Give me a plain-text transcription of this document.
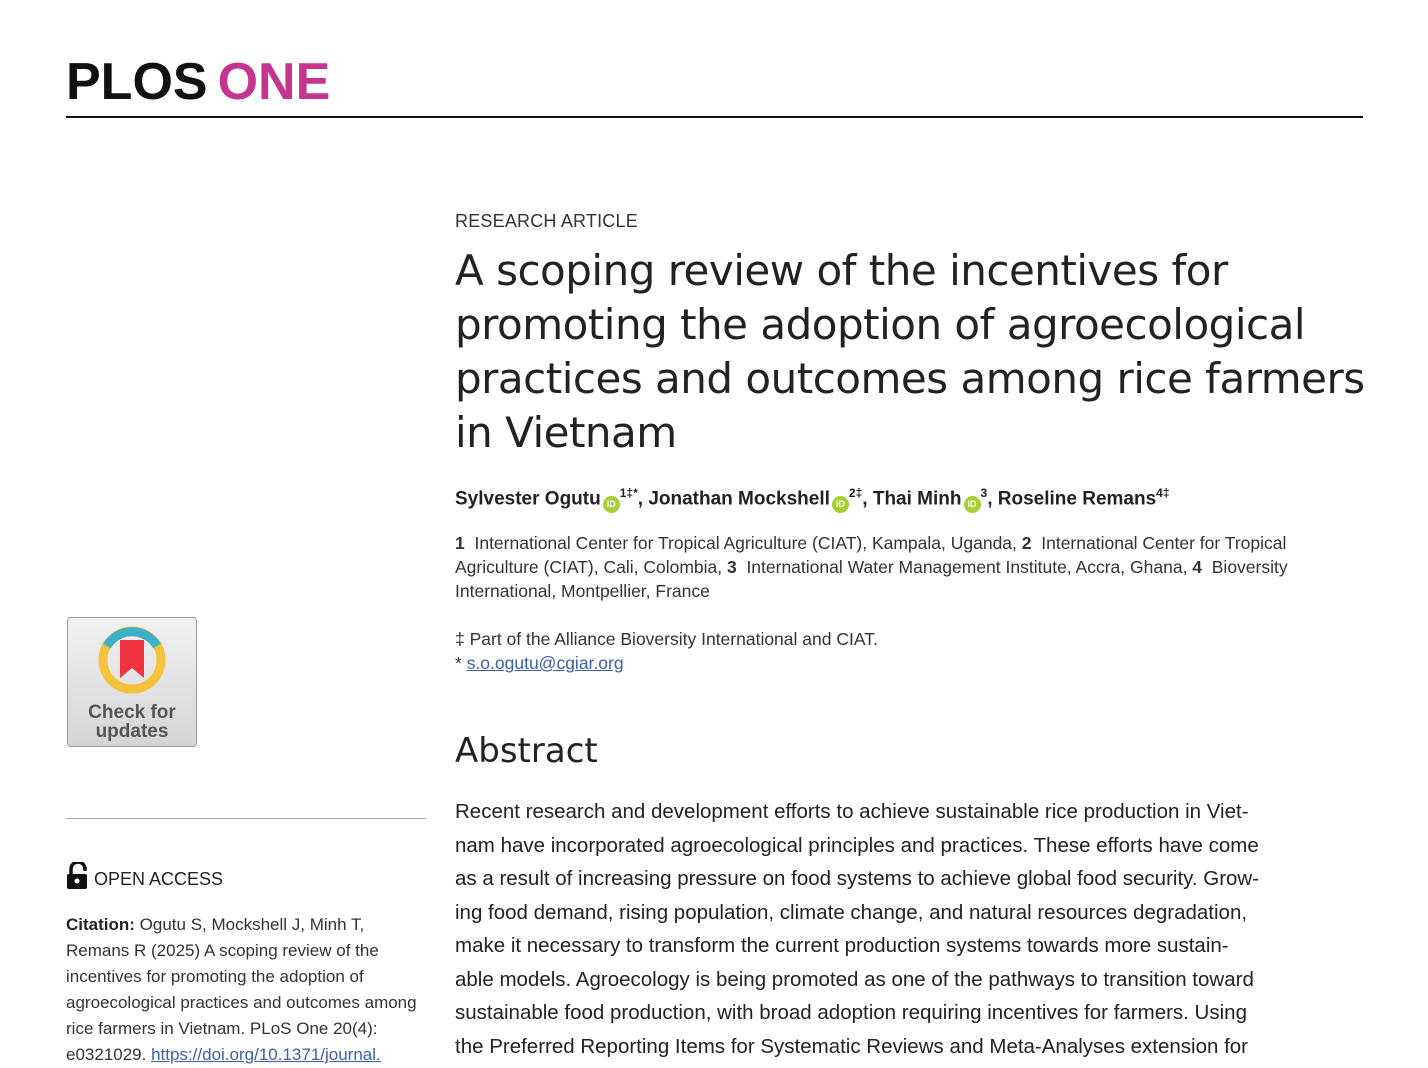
PLOS ONE
Check for
updates
OPEN ACCESS
Citation: Ogutu S, Mockshell J, Minh T,
Remans R (2025) A scoping review of the
incentives for promoting the adoption of
agroecological practices and outcomes among
rice farmers in Vietnam. PLoS One 20(4):
e0321029. https://doi.org/10.1371/journal.
RESEARCH ARTICLE
A scoping review of the incentives for
promoting the adoption of agroecological
practices and outcomes among rice farmers
in Vietnam
Sylvester Ogutu $iD^{1\ddagger*}$, Jonathan Mockshell $iD^{2\ddagger}$, Thai Minh $iD^3$, Roseline Remans$^{4\ddagger}$
1 International Center for Tropical Agriculture (CIAT), Kampala, Uganda, 2  International Center for Tropical
Agriculture (CIAT), Cali, Colombia, 3 International Water Management Institute, Accra, Ghana, 4  Bioversity
International, Montpellier, France
‡ Part of the Alliance Bioversity International and CIAT.
* s.o.ogutu@cgiar.org
Abstract
Recent research and development efforts to achieve sustainable rice production in Viet-
nam have incorporated agroecological principles and practices. These efforts have come
as a result of increasing pressure on food systems to achieve global food security. Grow-
ing food demand, rising population, climate change, and natural resources degradation,
make it necessary to transform the current production systems towards more sustain-
able models. Agroecology is being promoted as one of the pathways to transition toward
sustainable food production, with broad adoption requiring incentives for farmers. Using
the Preferred Reporting Items for Systematic Reviews and Meta-Analyses extension for
